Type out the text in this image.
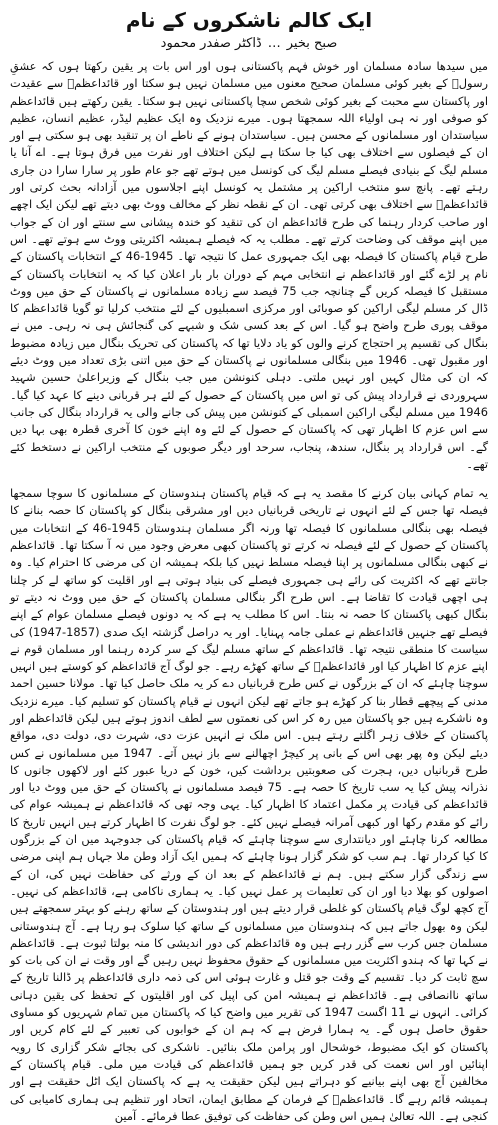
ایک کالم ناشکروں کے نام
صبح بخیر…ڈاکٹر صفدر محمود

میں سیدھا سادہ مسلمان اور خوش فہم پاکستانی ہوں اور اس بات پر یقین رکھتا ہوں کہ عشقِ رسولؐ کے بغیر کوئی مسلمان صحیح معنوں میں مسلمان نہیں ہو سکتا اور قائداعظمؒ سے عقیدت اور پاکستان سے محبت کے بغیر کوئی شخص سچا پاکستانی نہیں ہو سکتا۔ یقین رکھتے ہیں قائداعظم کو صوفی اور نہ ہی اولیاء اللہ سمجھتا ہوں۔ میرے نزدیک وہ ایک عظیم لیڈر، عظیم انسان، عظیم سیاستدان اور مسلمانوں کے محسن ہیں۔ سیاستدان ہونے کے ناطے ان پر تنقید بھی ہو سکتی ہے اور ان کے فیصلوں سے اختلاف بھی کیا جا سکتا ہے لیکن اختلاف اور نفرت میں فرق ہوتا ہے۔ اے آنا یا مسلم لیگ کے بنیادی فیصلے مسلم لیگ کی کونسل میں ہوتے تھے جو عام طور پر سارا سارا دن جاری رہتے تھے۔ پانچ سو منتخب اراکین پر مشتمل یہ کونسل اپنے اجلاسوں میں آزادانہ بحث کرتی اور قائداعظمؒ سے اختلاف بھی کرتی تھی۔ ان کے نقطہ نظر کے مخالف ووٹ بھی دیتے تھے لیکن ایک اچھے اور صاحب کردار رہنما کی طرح قائداعظم ان کی تنقید کو خندہ پیشانی سے سنتے اور ان کے جواب میں اپنے موقف کی وضاحت کرتے تھے۔ مطلب یہ کہ فیصلے ہمیشہ اکثریتی ووٹ سے ہوتے تھے۔ اس طرح قیام پاکستان کا فیصلہ بھی ایک جمہوری عمل کا نتیجہ تھا۔ 1945-46 کے انتخابات پاکستان کے نام پر لڑے گئے اور قائداعظم نے انتخابی مہم کے دوران بار بار اعلان کیا کہ یہ انتخابات پاکستان کے مستقبل کا فیصلہ کریں گے چنانچہ جب 75 فیصد سے زیادہ مسلمانوں نے پاکستان کے حق میں ووٹ ڈال کر مسلم لیگی اراکین کو صوبائی اور مرکزی اسمبلیوں کے لئے منتخب کرلیا تو گویا قائداعظم کا موقف پوری طرح واضح ہو گیا۔ اس کے بعد کسی شک و شبہے کی گنجائش ہی نہ رہی۔ میں نے بنگال کی تقسیم پر احتجاج کرنے والوں کو یاد دلایا تھا کہ پاکستان کی تحریک بنگال میں زیادہ مضبوط اور مقبول تھی۔ 1946 میں بنگالی مسلمانوں نے پاکستان کے حق میں اتنی بڑی تعداد میں ووٹ دیئے کہ ان کی مثال کہیں اور نہیں ملتی۔ دہلی کنونشن میں جب بنگال کے وزیراعلیٰ حسین شہید سہروردی نے قرارداد پیش کی تو اس میں پاکستان کے حصول کے لئے ہر قربانی دینے کا عہد کیا گیا۔ 1946 میں مسلم لیگی اراکین اسمبلی کے کنونشن میں پیش کی جانے والی یہ قرارداد بنگال کی جانب سے اس عزم کا اظہار تھی کہ پاکستان کے حصول کے لئے وہ اپنے خون کا آخری قطرہ بھی بہا دیں گے۔ اس قرارداد پر بنگال، سندھ، پنجاب، سرحد اور دیگر صوبوں کے منتخب اراکین نے دستخط کئے تھے۔

یہ تمام کہانی بیان کرنے کا مقصد یہ ہے کہ قیام پاکستان ہندوستان کے مسلمانوں کا سوچا سمجھا فیصلہ تھا جس کے لئے انہوں نے تاریخی قربانیاں دیں اور مشرقی بنگال کو پاکستان کا حصہ بنانے کا فیصلہ بھی بنگالی مسلمانوں کا فیصلہ تھا ورنہ اگر مسلمان ہندوستان 1945-46 کے انتخابات میں پاکستان کے حصول کے لئے فیصلہ نہ کرتے تو پاکستان کبھی معرض وجود میں نہ آ سکتا تھا۔ قائداعظم نے کبھی بنگالی مسلمانوں پر اپنا فیصلہ مسلط نہیں کیا بلکہ ہمیشہ ان کی مرضی کا احترام کیا۔ وہ جانتے تھے کہ اکثریت کی رائے ہی جمہوری فیصلے کی بنیاد ہوتی ہے اور اقلیت کو ساتھ لے کر چلنا ہی اچھی قیادت کا تقاضا ہے۔ اس طرح اگر بنگالی مسلمان پاکستان کے حق میں ووٹ نہ دیتے تو بنگال کبھی پاکستان کا حصہ نہ بنتا۔ اس کا مطلب یہ ہے کہ یہ دونوں فیصلے مسلمان عوام کے اپنے فیصلے تھے جنہیں قائداعظم نے عملی جامہ پہنایا۔ اور یہ دراصل گزشتہ ایک صدی (1857-1947) کی سیاست کا منطقی نتیجہ تھا۔ قائداعظم کے ساتھ مسلم لیگ کے سر کردہ رہنما اور مسلمان قوم نے اپنے عزم کا اظہار کیا اور قائداعظمؒ کے ساتھ کھڑے رہے۔ جو لوگ آج قائداعظم کو کوستے ہیں انہیں سوچنا چاہئے کہ ان کے بزرگوں نے کس طرح قربانیاں دے کر یہ ملک حاصل کیا تھا۔ مولانا حسین احمد مدنی کے پیچھے قطار بنا کر کھڑے ہو جاتے تھے لیکن انہوں نے قیام پاکستان کو تسلیم کیا۔ میرے نزدیک وہ ناشکرے ہیں جو پاکستان میں رہ کر اس کی نعمتوں سے لطف اندوز ہوتے ہیں لیکن قائداعظم اور پاکستان کے خلاف زہر اگلتے رہتے ہیں۔ اس ملک نے انہیں عزت دی، شہرت دی، دولت دی، مواقع دیئے لیکن وہ پھر بھی اس کے بانی پر کیچڑ اچھالنے سے باز نہیں آتے۔ 1947 میں مسلمانوں نے کس طرح قربانیاں دیں، ہجرت کی صعوبتیں برداشت کیں، خون کے دریا عبور کئے اور لاکھوں جانوں کا نذرانہ پیش کیا یہ سب تاریخ کا حصہ ہے۔ 75 فیصد مسلمانوں نے پاکستان کے حق میں ووٹ دیا اور قائداعظم کی قیادت پر مکمل اعتماد کا اظہار کیا۔ یہی وجہ تھی کہ قائداعظم نے ہمیشہ عوام کی رائے کو مقدم رکھا اور کبھی آمرانہ فیصلے نہیں کئے۔ جو لوگ نفرت کا اظہار کرتے ہیں انہیں تاریخ کا مطالعہ کرنا چاہئے اور دیانتداری سے سوچنا چاہئے کہ قیام پاکستان کی جدوجہد میں ان کے بزرگوں کا کیا کردار تھا۔ ہم سب کو شکر گزار ہونا چاہئے کہ ہمیں ایک آزاد وطن ملا جہاں ہم اپنی مرضی سے زندگی گزار سکتے ہیں۔ ہم نے قائداعظم کے بعد ان کے ورثے کی حفاظت نہیں کی، ان کے اصولوں کو بھلا دیا اور ان کی تعلیمات پر عمل نہیں کیا۔ یہ ہماری ناکامی ہے، قائداعظم کی نہیں۔ آج کچھ لوگ قیام پاکستان کو غلطی قرار دیتے ہیں اور ہندوستان کے ساتھ رہنے کو بہتر سمجھتے ہیں لیکن وہ بھول جاتے ہیں کہ ہندوستان میں مسلمانوں کے ساتھ کیا سلوک ہو رہا ہے۔ آج ہندوستانی مسلمان جس کرب سے گزر رہے ہیں وہ قائداعظم کی دور اندیشی کا منہ بولتا ثبوت ہے۔ قائداعظم نے کہا تھا کہ ہندو اکثریت میں مسلمانوں کے حقوق محفوظ نہیں رہیں گے اور وقت نے ان کی بات کو سچ ثابت کر دیا۔ تقسیم کے وقت جو قتل و غارت ہوئی اس کی ذمہ داری قائداعظم پر ڈالنا تاریخ کے ساتھ ناانصافی ہے۔ قائداعظم نے ہمیشہ امن کی اپیل کی اور اقلیتوں کے تحفظ کی یقین دہانی کرائی۔ انہوں نے 11 اگست 1947 کی تقریر میں واضح کیا کہ پاکستان میں تمام شہریوں کو مساوی حقوق حاصل ہوں گے۔ یہ ہمارا فرض ہے کہ ہم ان کے خوابوں کی تعبیر کے لئے کام کریں اور پاکستان کو ایک مضبوط، خوشحال اور پرامن ملک بنائیں۔ ناشکری کی بجائے شکر گزاری کا رویہ اپنائیں اور اس نعمت کی قدر کریں جو ہمیں قائداعظم کی قیادت میں ملی۔ قیام پاکستان کے مخالفین آج بھی اپنے بیانیے کو دہراتے ہیں لیکن حقیقت یہ ہے کہ پاکستان ایک اٹل حقیقت ہے اور ہمیشہ قائم رہے گا۔ قائداعظمؒ کے فرمان کے مطابق ایمان، اتحاد اور تنظیم ہی ہماری کامیابی کی کنجی ہے۔ اللہ تعالیٰ ہمیں اس وطن کی حفاظت کی توفیق عطا فرمائے۔ آمین
